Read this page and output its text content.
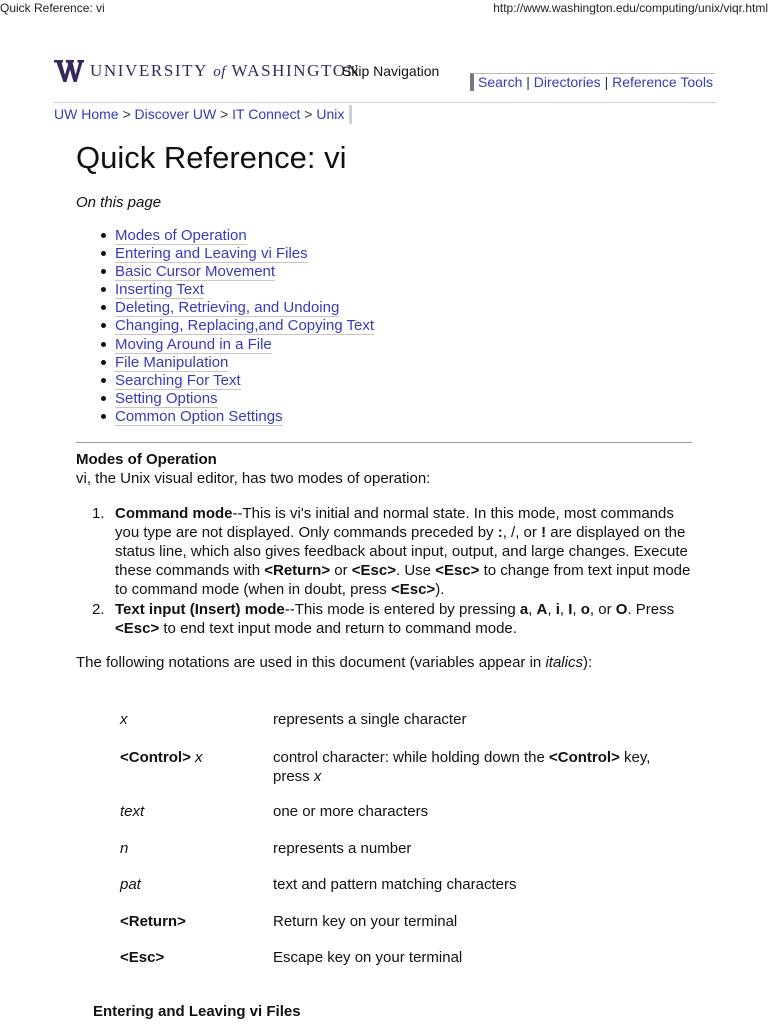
Quick Reference: vi	http://www.washington.edu/computing/unix/viqr.html
UNIVERSITY of WASHINGTON
Skip Navigation
Search | Directories | Reference Tools
UW Home > Discover UW > IT Connect > Unix
Quick Reference: vi
On this page
Modes of Operation
Entering and Leaving vi Files
Basic Cursor Movement
Inserting Text
Deleting, Retrieving, and Undoing
Changing, Replacing,and Copying Text
Moving Around in a File
File Manipulation
Searching For Text
Setting Options
Common Option Settings
Modes of Operation
vi, the Unix visual editor, has two modes of operation:
1. Command mode--This is vi's initial and normal state. In this mode, most commands you type are not displayed. Only commands preceded by :, /, or ! are displayed on the status line, which also gives feedback about input, output, and large changes. Execute these commands with <Return> or <Esc>. Use <Esc> to change from text input mode to command mode (when in doubt, press <Esc>).
2. Text input (Insert) mode--This mode is entered by pressing a, A, i, I, o, or O. Press <Esc> to end text input mode and return to command mode.
The following notations are used in this document (variables appear in italics):
x	represents a single character
<Control> x	control character: while holding down the <Control> key, press x
text	one or more characters
n	represents a number
pat	text and pattern matching characters
<Return>	Return key on your terminal
<Esc>	Escape key on your terminal
Entering and Leaving vi Files
